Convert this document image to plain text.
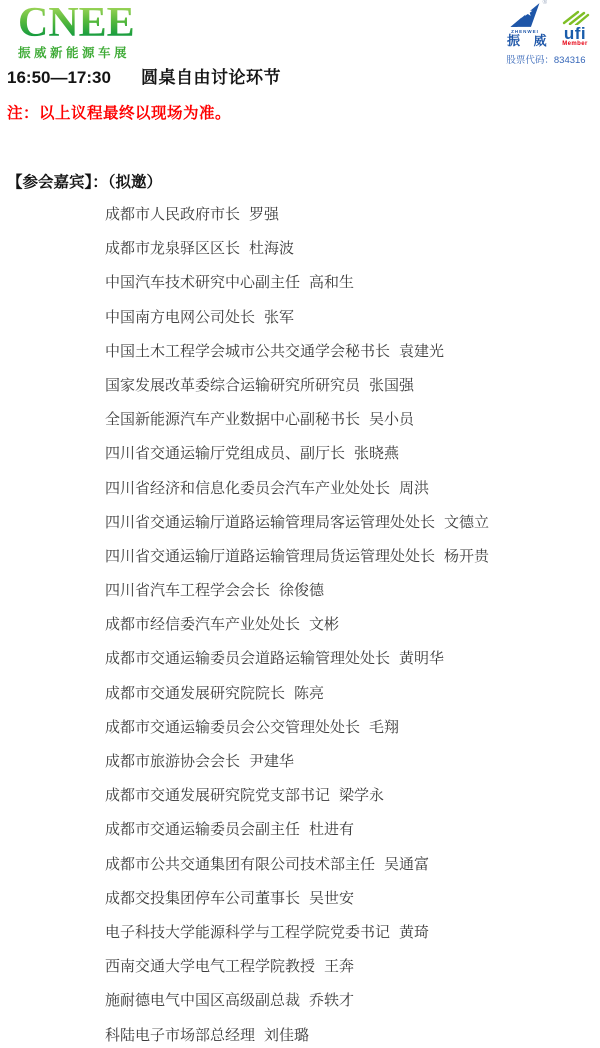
CNEE
振威新能源车展
®
ZHENWEI
振 威 ufi
Member
股票代码：834316
16:50—17:30 圆桌自由讨论环节
注：以上议程最终以现场为准。
【参会嘉宾】：（拟邀）
成都市人民政府市长 罗强
成都市龙泉驿区区长 杜海波
中国汽车技术研究中心副主任 高和生
中国南方电网公司处长 张军
中国土木工程学会城市公共交通学会秘书长 袁建光
国家发展改革委综合运输研究所研究员 张国强
全国新能源汽车产业数据中心副秘书长 吴小员
四川省交通运输厅党组成员、副厅长 张晓燕
四川省经济和信息化委员会汽车产业处处长 周洪
四川省交通运输厅道路运输管理局客运管理处处长 文德立
四川省交通运输厅道路运输管理局货运管理处处长 杨开贵
四川省汽车工程学会会长 徐俊德
成都市经信委汽车产业处处长 文彬
成都市交通运输委员会道路运输管理处处长 黄明华
成都市交通发展研究院院长 陈亮
成都市交通运输委员会公交管理处处长 毛翔
成都市旅游协会会长 尹建华
成都市交通发展研究院党支部书记 梁学永
成都市交通运输委员会副主任 杜进有
成都市公共交通集团有限公司技术部主任 吴通富
成都交投集团停车公司董事长 吴世安
电子科技大学能源科学与工程学院党委书记 黄琦
西南交通大学电气工程学院教授 王奔
施耐德电气中国区高级副总裁 乔轶才
科陆电子市场部总经理 刘佳璐
